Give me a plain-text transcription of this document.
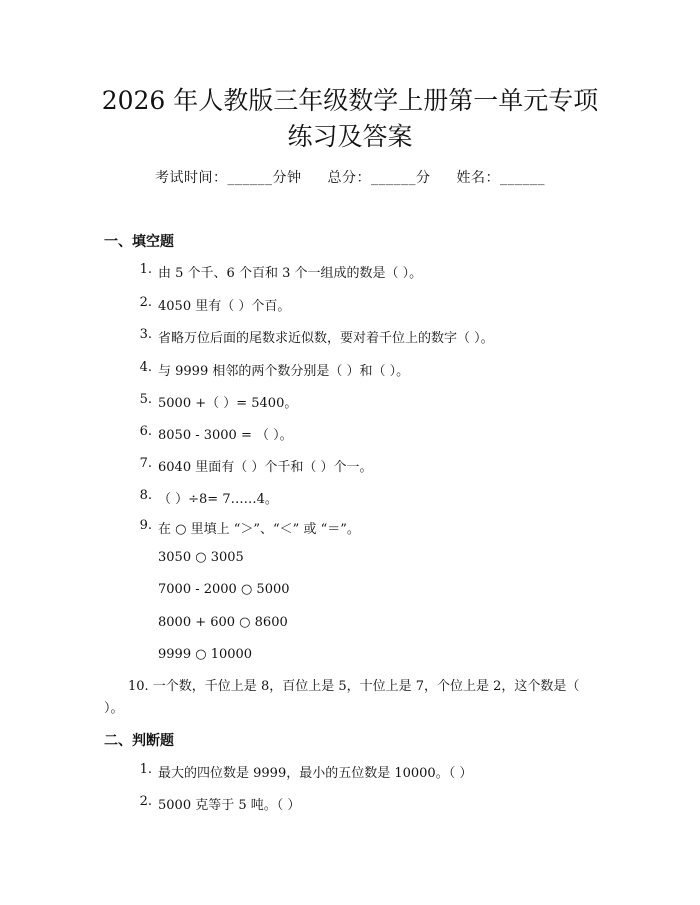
2026 年人教版三年级数学上册第一单元专项
练习及答案
考试时间：______分钟 总分：______分 姓名：______
一、填空题
1. 由 5 个千、6 个百和 3 个一组成的数是（ ）。
2. 4050 里有（ ）个百。
3. 省略万位后面的尾数求近似数，要对着千位上的数字（ ）。
4. 与 9999 相邻的两个数分别是（ ）和（ ）。
5. 5000 +（ ）= 5400。
6. 8050 - 3000 = （ ）。
7. 6040 里面有（ ）个千和（ ）个一。
8. （ ）÷8= 7……4。
9. 在 ○ 里填上 “＞”、“＜” 或 “＝”。
3050 ○ 3005
7000 - 2000 ○ 5000
8000 + 600 ○ 8600
9999 ○ 10000
10. 一个数，千位上是 8，百位上是 5，十位上是 7，个位上是 2，这个数是（ ）。
二、判断题
1. 最大的四位数是 9999，最小的五位数是 10000。（ ）
2. 5000 克等于 5 吨。（ ）
